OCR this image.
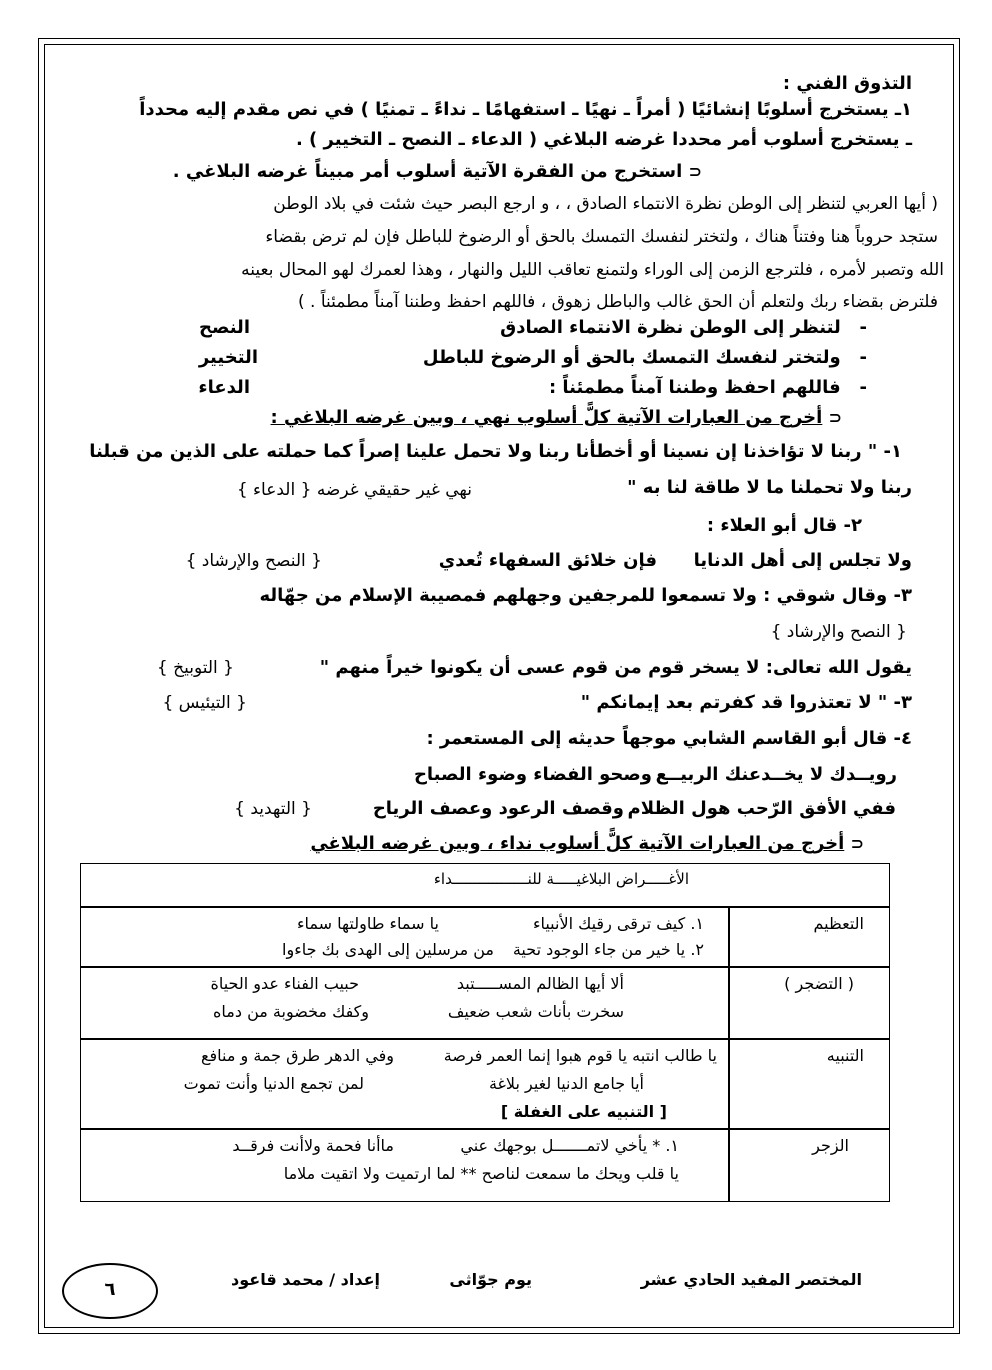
التذوق الفني :
١ـ يستخرج أسلوبًا إنشائيًا ( أمراً ـ نهيًا ـ استفهامًا ـ نداءً ـ تمنيًا ) في نص مقدم إليه محدداً
ـ يستخرج أسلوب أمر محددا غرضه البلاغي ( الدعاء ـ النصح ـ التخيير ) .
⊂ استخرج من الفقرة الآتية أسلوب أمر مبيناً غرضه البلاغي .
( أيها العربي لتنظر إلى الوطن نظرة الانتماء الصادق ، ، و ارجع البصر حيث شئت في بلاد الوطن
ستجد حروباً هنا وفتناً هناك ، ولتختر لنفسك التمسك بالحق أو الرضوخ للباطل فإن لم ترض بقضاء
الله وتصبر لأمره ، فلترجع الزمن إلى الوراء ولتمنع تعاقب الليل والنهار ، وهذا لعمرك لهو المحال بعينه
فلترض بقضاء ربك ولتعلم أن الحق غالب والباطل زهوق ، فاللهم احفظ وطننا آمناً مطمئناً . )
-   لتنظر إلى الوطن نظرة الانتماء الصادق
النصح
-   ولتختر لنفسك التمسك بالحق أو الرضوخ للباطل
التخيير
-   فاللهم احفظ وطننا آمناً مطمئناً :
الدعاء
⊂ أخرج من العبارات الآتية كلًّ أسلوب نهي ، وبين غرضه البلاغي :
١- " ربنا لا تؤاخذنا إن نسينا أو أخطأنا ربنا ولا تحمل علينا إصراً كما حملته على الذين من قبلنا
ربنا ولا تحملنا ما لا طاقة لنا به "
نهي غير حقيقي غرضه { الدعاء }
٢- قال أبو العلاء :
ولا تجلس إلى أهل الدنايا
فإن خلائق السفهاء تُعدي
{ النصح والإرشاد }
٣- وقال شوقي : ولا تسمعوا للمرجفين وجهلهم فمصيبة الإسلام من جهّاله
{ النصح والإرشاد }
يقول الله تعالى: لا يسخر قوم من قوم عسى أن يكونوا خيراً منهم "
{ التوبيخ }
٣- " لا تعتذروا قد كفرتم بعد إيمانكم "
{ التيئيس }
٤- قال أبو القاسم الشابي موجهاً حديثه إلى المستعمر :
رويــدك لا يخــدعنك الربيــع
وصحو الفضاء وضوء الصباح
ففي الأفق الرّحب هول الظلام
وقصف الرعود وعصف الرياح
{ التهديد }
⊂ أخرج من العبارات الآتية كلًّ أسلوب نداء ، وبين غرضه البلاغي
الأغـــــراض البلاغيـــــة للنـــــــــــــــــداء
١. كيف ترقى رقيك الأنبياء
يا سماء طاولتها سماء
٢. يا خير من جاء الوجود تحية
من مرسلين إلى الهدى بك جاءوا
التعظيم
ألا أيها الظالم المســـــتبد
حبيب الفناء عدو الحياة
سخرت بأنات شعب ضعيف
وكفك مخضوبة من دماه
( التضجر )
يا طالب انتبه يا قوم هبوا إنما العمر فرصة
وفي الدهر طرق جمة و منافع
أيا جامع الدنيا لغير بلاغة
لمن تجمع الدنيا وأنت تموت
[ التنبيه على الغفلة ]
التنبيه
١. * يأخي لاتمـــــــل بوجهك عني
ماأنا فحمة ولاأنت فرقــد
يا قلب ويحك ما سمعت لناصح ** لما ارتميت ولا اتقيت ملاما
الزجر
المختصر المفيد الحادي عشر
يوم جوّاثى
إعداد / محمد قاعود
٦
